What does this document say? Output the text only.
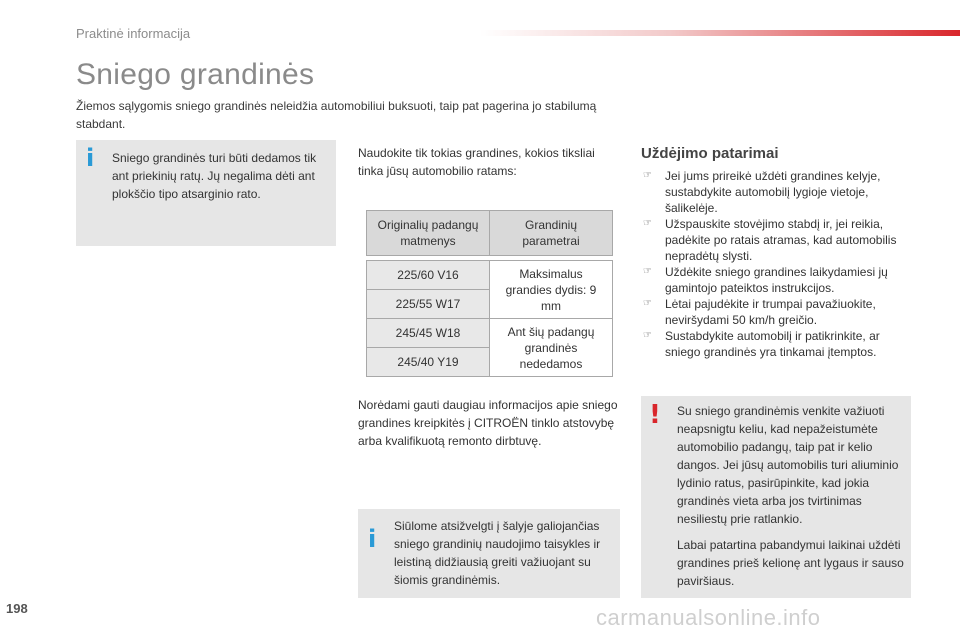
Praktinė informacija
Sniego grandinės
Žiemos sąlygomis sniego grandinės neleidžia automobiliui buksuoti, taip pat pagerina jo stabilumą stabdant.
i Sniego grandinės turi būti dedamos tik ant priekinių ratų. Jų negalima dėti ant plokščio tipo atsarginio rato.
Naudokite tik tokias grandines, kokios tiksliai tinka jūsų automobilio ratams:
Originalių padangų matmenys	Grandinių parametrai

225/60 V16	Maksimalus grandies dydis: 9 mm
225/55 W17	
245/45 W18	Ant šių padangų grandinės nededamos
245/40 Y19	
Norėdami gauti daugiau informacijos apie sniego grandines kreipkitės į CITROËN tinklo atstovybę arba kvalifikuotą remonto dirbtuvę.
i Siūlome atsižvelgti į šalyje galiojančias sniego grandinių naudojimo taisykles ir leistiną didžiausią greiti važiuojant su šiomis grandinėmis.
Uždėjimo patarimai
☞ Jei jums prireikė uždėti grandines kelyje, sustabdykite automobilį lygioje vietoje, šalikelėje.
☞ Užspauskite stovėjimo stabdį ir, jei reikia, padėkite po ratais atramas, kad automobilis nepradėtų slysti.
☞ Uždėkite sniego grandines laikydamiesi jų gamintojo pateiktos instrukcijos.
☞ Lėtai pajudėkite ir trumpai pavažiuokite, neviršydami 50 km/h greičio.
☞ Sustabdykite automobilį ir patikrinkite, ar sniego grandinės yra tinkamai įtemptos.
! Su sniego grandinėmis venkite važiuoti neapsnigtu keliu, kad nepažeistumėte automobilio padangų, taip pat ir kelio dangos. Jei jūsų automobilis turi aliuminio lydinio ratus, pasirūpinkite, kad jokia grandinės vieta arba jos tvirtinimas nesiliestų prie ratlankio.
Labai patartina pabandymui laikinai uždėti grandines prieš kelionę ant lygaus ir sauso paviršiaus.
198	carmanualsonline.info
